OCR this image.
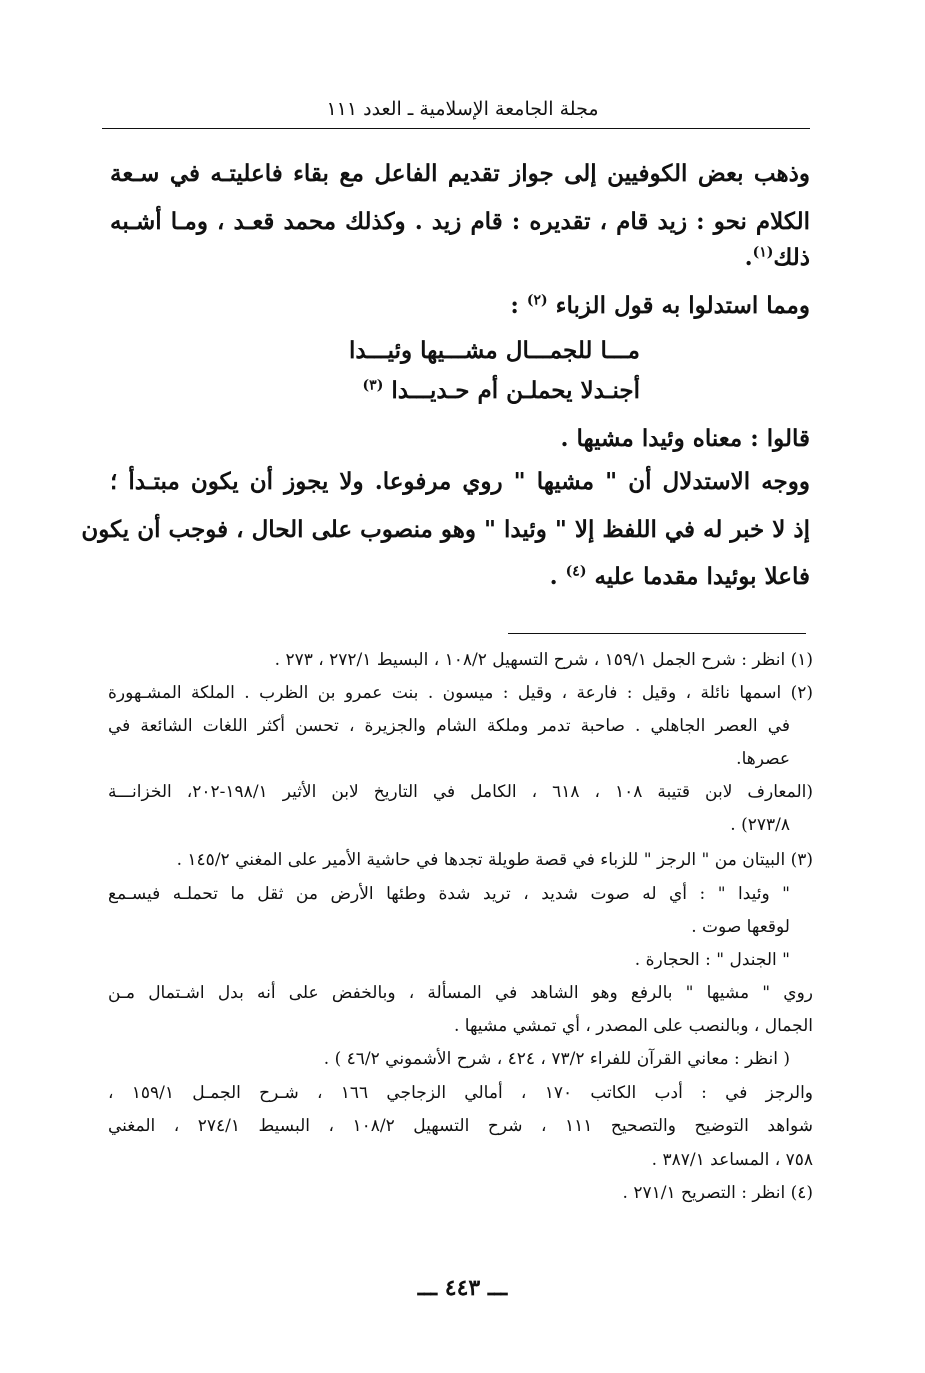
مجلة الجامعة الإسلامية ـ العدد ١١١
وذهب بعض الكوفيين إلى جواز تقديم الفاعل مع بقاء فاعليتـه في سـعة
الكلام نحو : زيد قام ، تقديره : قام زيد . وكذلك محمد قعـد ، ومـا أشـبه
ذلك$^{(١)}$.
ومما استدلوا به قول الزباء $^{(٢)}$ :
مـــا للجمـــال مشـــيها وئيـــدا
أجنـدلا يحملـن أم حـديـــدا $^{(٣)}$
قالوا : معناه وئيدا مشيها .
ووجه الاستدلال أن " مشيها " روي مرفوعا. ولا يجوز أن يكون مبتـدأ ؛
إذ لا خبر له في اللفظ إلا " وئيدا " وهو منصوب على الحال ، فوجب أن يكون
فاعلا بوئيدا مقدما عليه $^{(٤)}$ .
(١) انظر : شرح الجمل ١٥٩/١ ، شرح التسهيل ١٠٨/٢ ، البسيط ٢٧٢/١ ، ٢٧٣ .
(٢) اسمها نائلة ، وقيل : فارعة ، وقيل : ميسون . بنت عمرو بن الظرب . الملكة المشـهورة
في العصر الجاهلي . صاحبة تدمر وملكة الشام والجزيرة ، تحسن أكثر اللغات الشائعة في
عصرها.
(المعارف لابن قتيبة ١٠٨ ، ٦١٨ ، الكامل في التاريخ لابن الأثير ١٩٨/١-٢٠٢، الخزانـــة
٢٧٣/٨) .
(٣) البيتان من " الرجز " للزباء في قصة طويلة تجدها في حاشية الأمير على المغني ١٤٥/٢ .
" وئيدا " : أي له صوت شديد ، تريد شدة وطئها الأرض من ثقل ما تحملـه فيسـمع
لوقعها صوت .
" الجندل " : الحجارة .
روي " مشيها " بالرفع وهو الشاهد في المسألة ، وبالخفض على أنه بدل اشـتمال مـن
الجمال ، وبالنصب على المصدر ، أي تمشي مشيها .
( انظر : معاني القرآن للفراء ٧٣/٢ ، ٤٢٤ ، شرح الأشموني ٤٦/٢ ) .
والرجز في : أدب الكاتب ١٧٠ ، أمالي الزجاجي ١٦٦ ، شـرح الجمـل ١٥٩/١ ،
شواهد التوضيح والتصحيح ١١١ ، شرح التسهيل ١٠٨/٢ ، البسيط ٢٧٤/١ ، المغني
٧٥٨ ، المساعد ٣٨٧/١ .
(٤) انظر : التصريح ٢٧١/١ .
ـــ ٤٤٣ ـــ
